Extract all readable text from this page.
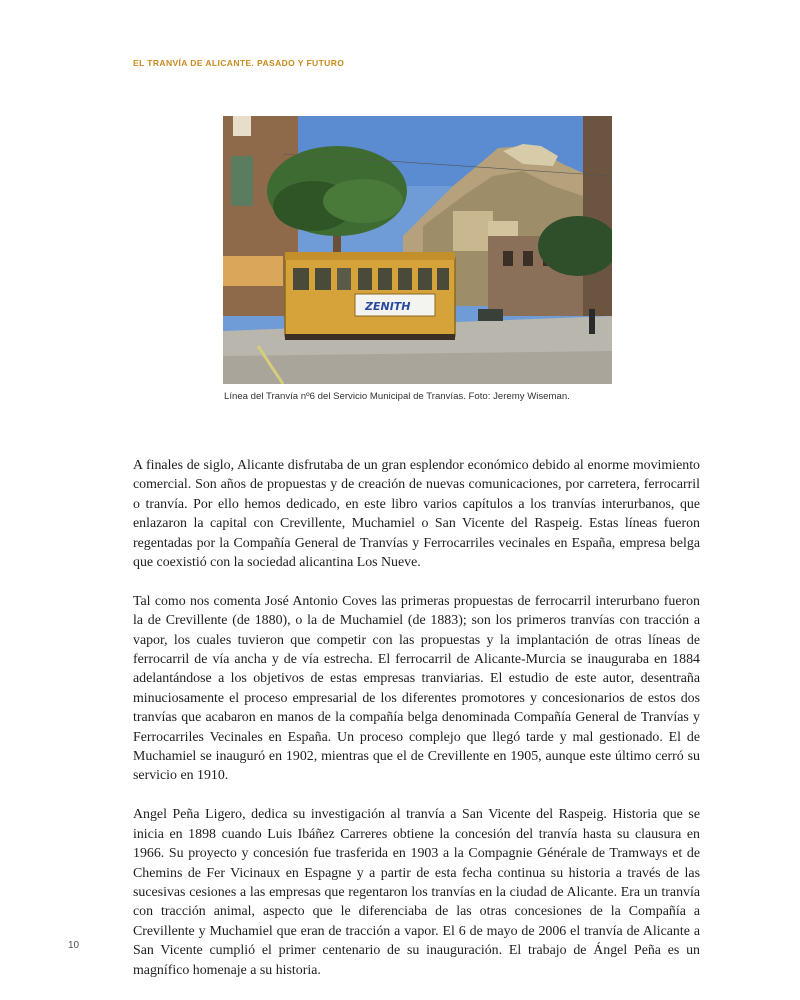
EL TRANVÍA DE ALICANTE. PASADO Y FUTURO
ZENITH
Línea del Tranvía nº6 del Servicio Municipal de Tranvías. Foto: Jeremy Wiseman.

A finales de siglo, Alicante disfrutaba de un gran esplendor económico debido al enorme movimiento comercial. Son años de propuestas y de creación de nuevas comunicaciones, por carretera, ferrocarril o tranvía. Por ello hemos dedicado, en este libro varios capítulos a los tranvías interurbanos, que enlazaron la capital con Crevillente, Muchamiel o San Vicente del Raspeig. Estas líneas fueron regentadas por la Compañía General de Tranvías y Ferrocarriles vecinales en España, empresa belga que coexistió con la sociedad alicantina Los Nueve.

Tal como nos comenta José Antonio Coves las primeras propuestas de ferrocarril interurbano fueron la de Crevillente (de 1880), o la de Muchamiel (de 1883); son los primeros tranvías con tracción a vapor, los cuales tuvieron que competir con las propuestas y la implantación de otras líneas de ferrocarril de vía ancha y de vía estrecha. El ferrocarril de Alicante-Murcia se inauguraba en 1884 adelantándose a los objetivos de estas empresas tranviarias. El estudio de este autor, desentraña minuciosamente el proceso empresarial de los diferentes promotores y concesionarios de estos dos tranvías que acabaron en manos de la compañía belga denominada Compañía General de Tranvías y Ferrocarriles Vecinales en España. Un proceso complejo que llegó tarde y mal gestionado. El de Muchamiel se inauguró en 1902, mientras que el de Crevillente en 1905, aunque este último cerró su servicio en 1910.

Angel Peña Ligero, dedica su investigación al tranvía a San Vicente del Raspeig. Historia que se inicia en 1898 cuando Luis Ibáñez Carreres obtiene la concesión del tranvía hasta su clausura en 1966. Su proyecto y concesión fue trasferida en 1903 a la Compagnie Générale de Tramways et de Chemins de Fer Vicinaux en Espagne y a partir de esta fecha continua su historia a través de las sucesivas cesiones a las empresas que regentaron los tranvías en la ciudad de Alicante. Era un tranvía con tracción animal, aspecto que le diferenciaba de las otras concesiones de la Compañía a Crevillente y Muchamiel que eran de tracción a vapor. El 6 de mayo de 2006 el tranvía de Alicante a San Vicente cumplió el primer centenario de su inauguración. El trabajo de Ángel Peña es un magnífico homenaje a su historia.

10
